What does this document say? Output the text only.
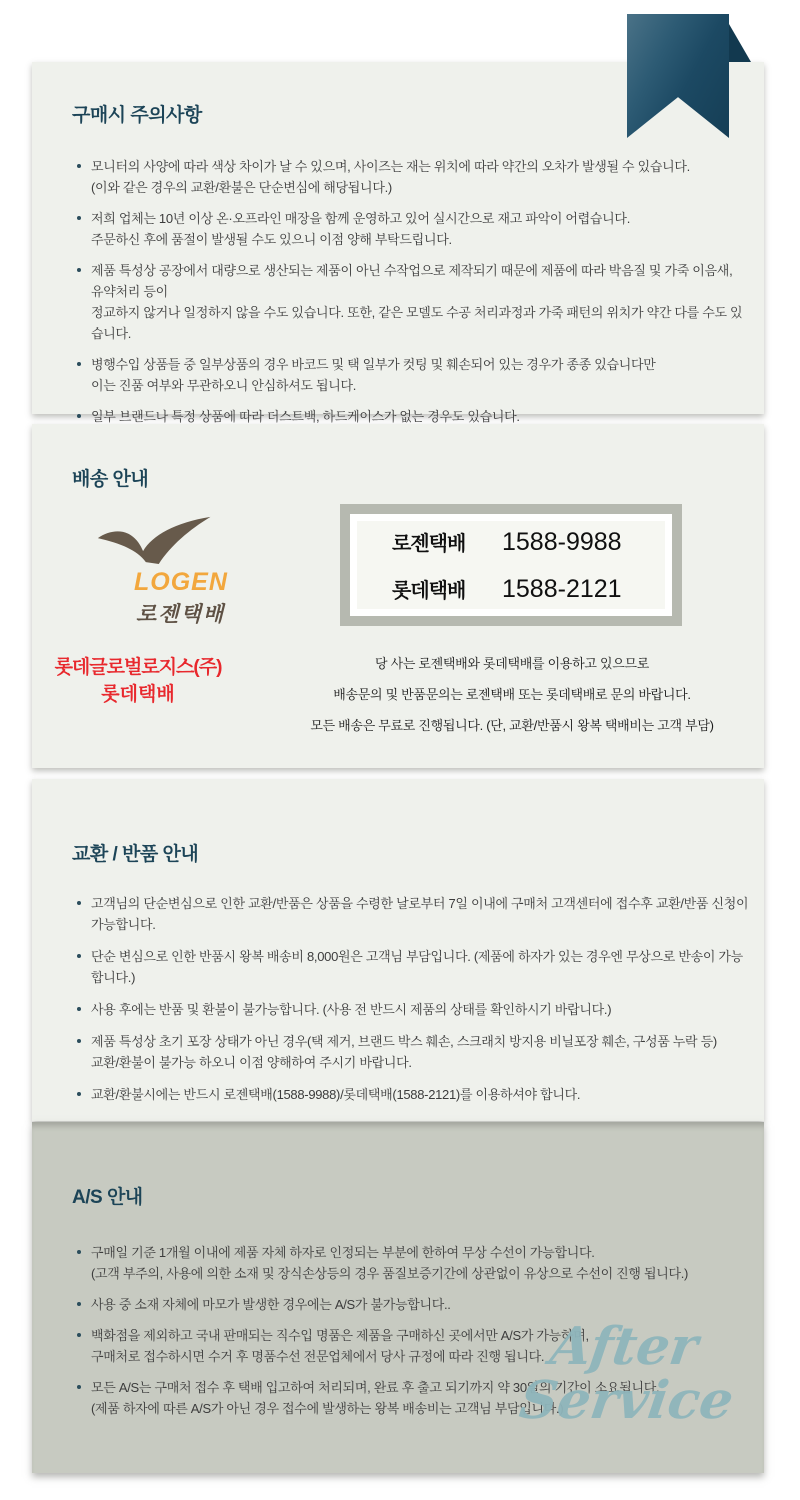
구매시 주의사항
모니터의 사양에 따라 색상 차이가 날 수 있으며, 사이즈는 재는 위치에 따라 약간의 오차가 발생될 수 있습니다.
(이와 같은 경우의 교환/환불은 단순변심에 해당됩니다.)
저희 업체는 10년 이상 온·오프라인 매장을 함께 운영하고 있어 실시간으로 재고 파악이 어렵습니다.
주문하신 후에 품절이 발생될 수도 있으니 이점 양해 부탁드립니다.
제품 특성상 공장에서 대량으로 생산되는 제품이 아닌 수작업으로 제작되기 때문에 제품에 따라 박음질 및 가죽 이음새, 유약처리 등이
정교하지 않거나 일정하지 않을 수도 있습니다. 또한, 같은 모델도 수공 처리과정과 가죽 패턴의 위치가 약간 다를 수도 있습니다.
병행수입 상품들 중 일부상품의 경우 바코드 및 택 일부가 컷팅 및 훼손되어 있는 경우가 종종 있습니다만
이는 진품 여부와 무관하오니 안심하셔도 됩니다.
일부 브랜드나 특정 상품에 따라 더스트백, 하드케이스가 없는 경우도 있습니다.
배송 안내
LOGEN
로젠택배
로젠택배	1588-9988
롯데택배	1588-2121
롯데글로벌로지스(주)
롯데택배
당 사는 로젠택배와 롯데택배를 이용하고 있으므로
배송문의 및 반품문의는 로젠택배 또는 롯데택배로 문의 바랍니다.
모든 배송은 무료로 진행됩니다. (단, 교환/반품시 왕복 택배비는 고객 부담)
교환 / 반품 안내
고객님의 단순변심으로 인한 교환/반품은 상품을 수령한 날로부터 7일 이내에 구매처 고객센터에 접수후 교환/반품 신청이 가능합니다.
단순 변심으로 인한 반품시 왕복 배송비 8,000원은 고객님 부담입니다. (제품에 하자가 있는 경우엔 무상으로 반송이 가능합니다.)
사용 후에는 반품 및 환불이 불가능합니다. (사용 전 반드시 제품의 상태를 확인하시기 바랍니다.)
제품 특성상 초기 포장 상태가 아닌 경우(택 제거, 브랜드 박스 훼손, 스크래치 방지용 비닐포장 훼손, 구성품 누락 등)
교환/환불이 불가능 하오니 이점 양해하여 주시기 바랍니다.
교환/환불시에는 반드시 로젠택배(1588-9988)/롯데택배(1588-2121)를 이용하셔야 합니다.
A/S 안내
구매일 기준 1개월 이내에 제품 자체 하자로 인정되는 부분에 한하여 무상 수선이 가능합니다.
(고객 부주의, 사용에 의한 소재 및 장식손상등의 경우 품질보증기간에 상관없이 유상으로 수선이 진행 됩니다.)
사용 중 소재 자체에 마모가 발생한 경우에는 A/S가 불가능합니다..
백화점을 제외하고 국내 판매되는 직수입 명품은 제품을 구매하신 곳에서만 A/S가 가능하며,
구매처로 접수하시면 수거 후 명품수선 전문업체에서 당사 규정에 따라 진행 됩니다.
모든 A/S는 구매처 접수 후 택배 입고하여 처리되며, 완료 후 출고 되기까지 약 30일의 기간이 소요됩니다.
(제품 하자에 따른 A/S가 아닌 경우 접수에 발생하는 왕복 배송비는 고객님 부담입니다.)
After
Service
